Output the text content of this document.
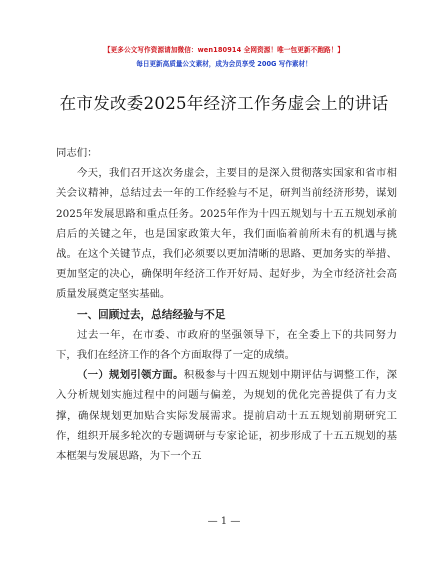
【更多公文写作资源请加微信：wen180914 全网资源！唯一包更新不跑路！】
每日更新高质量公文素材，成为会员享受 200G 写作素材！
在市发改委2025年经济工作务虚会上的讲话

同志们：

今天，我们召开这次务虚会，主要目的是深入贯彻落实国家和省市相关会议精神，总结过去一年的工作经验与不足，研判当前经济形势，谋划2025年发展思路和重点任务。2025年作为十四五规划与十五五规划承前启后的关键之年，也是国家政策大年，我们面临着前所未有的机遇与挑战。在这个关键节点，我们必须要以更加清晰的思路、更加务实的举措、更加坚定的决心，确保明年经济工作开好局、起好步，为全市经济社会高质量发展奠定坚实基础。

一、回顾过去，总结经验与不足

过去一年，在市委、市政府的坚强领导下，在全委上下的共同努力下，我们在经济工作的各个方面取得了一定的成绩。

（一）规划引领方面。积极参与十四五规划中期评估与调整工作，深入分析规划实施过程中的问题与偏差，为规划的优化完善提供了有力支撑，确保规划更加贴合实际发展需求。提前启动十五五规划前期研究工作，组织开展多轮次的专题调研与专家论证，初步形成了十五五规划的基本框架与发展思路，为下一个五

— 1 —
